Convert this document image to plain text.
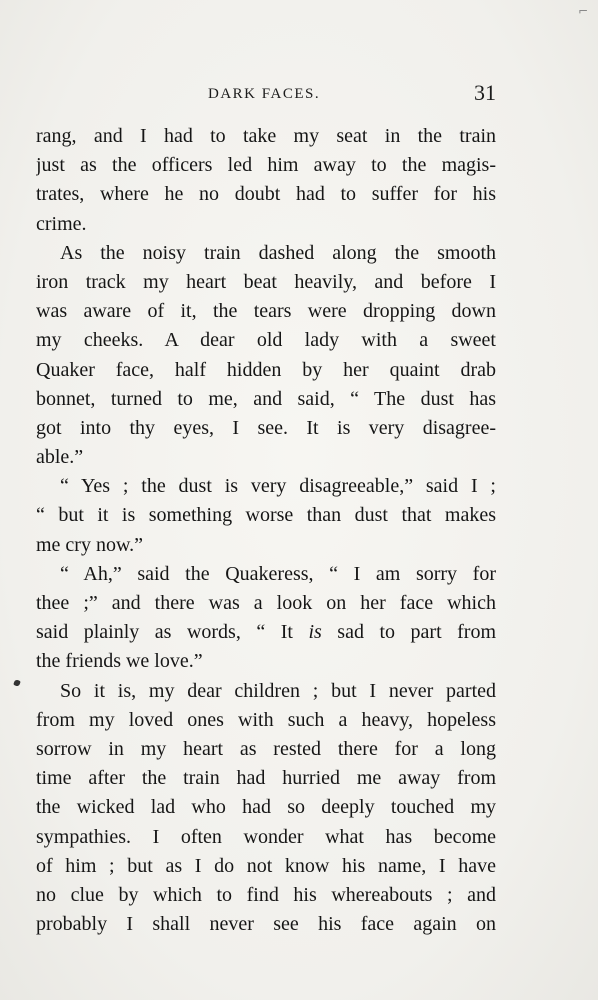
⌐
DARK FACES.	31
rang, and I had to take my seat in the train
just as the officers led him away to the magis-
trates, where he no doubt had to suffer for his
crime.
As the noisy train dashed along the smooth
iron track my heart beat heavily, and before I
was aware of it, the tears were dropping down
my cheeks. A dear old lady with a sweet
Quaker face, half hidden by her quaint drab
bonnet, turned to me, and said, “ The dust has
got into thy eyes, I see. It is very disagree-
able.”
“ Yes ; the dust is very disagreeable,” said I ;
“ but it is something worse than dust that makes
me cry now.”
“ Ah,” said the Quakeress, “ I am sorry for
thee ;” and there was a look on her face which
said plainly as words, “ It is sad to part from
the friends we love.”
So it is, my dear children ; but I never parted
from my loved ones with such a heavy, hopeless
sorrow in my heart as rested there for a long
time after the train had hurried me away from
the wicked lad who had so deeply touched my
sympathies. I often wonder what has become
of him ; but as I do not know his name, I have
no clue by which to find his whereabouts ; and
probably I shall never see his face again on
